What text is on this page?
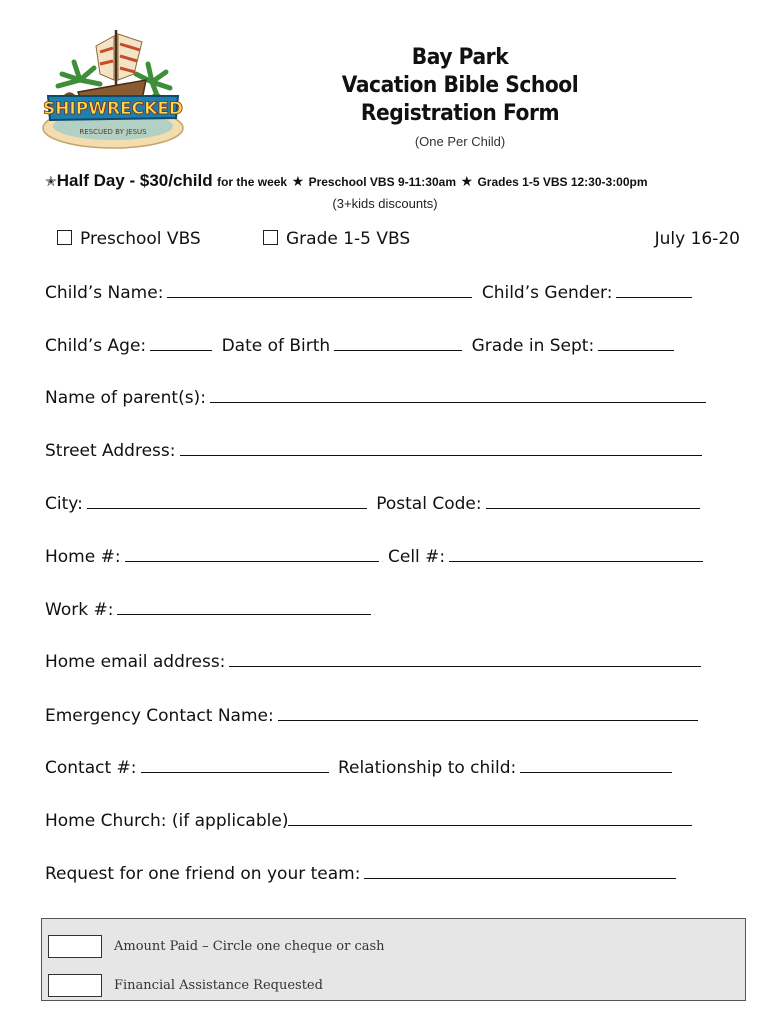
SHIPWRECKED
RESCUED BY JESUS
Bay Park
Vacation Bible School
Registration Form
(One Per Child)
✭Half Day - $30/child for the week ★ Preschool VBS 9-11:30am ★ Grades 1-5 VBS 12:30-3:00pm
(3+kids discounts)
Preschool VBS	Grade 1-5 VBS	July 16-20
Child’s Name:	Child’s Gender:
Child’s Age:	Date of Birth	Grade in Sept:
Name of parent(s):
Street Address:
City:	Postal Code:
Home #:	Cell #:
Work #:
Home email address:
Emergency Contact Name:
Contact #:	Relationship to child:
Home Church: (if applicable)
Request for one friend on your team:
Amount Paid – Circle one cheque or cash
Financial Assistance Requested
